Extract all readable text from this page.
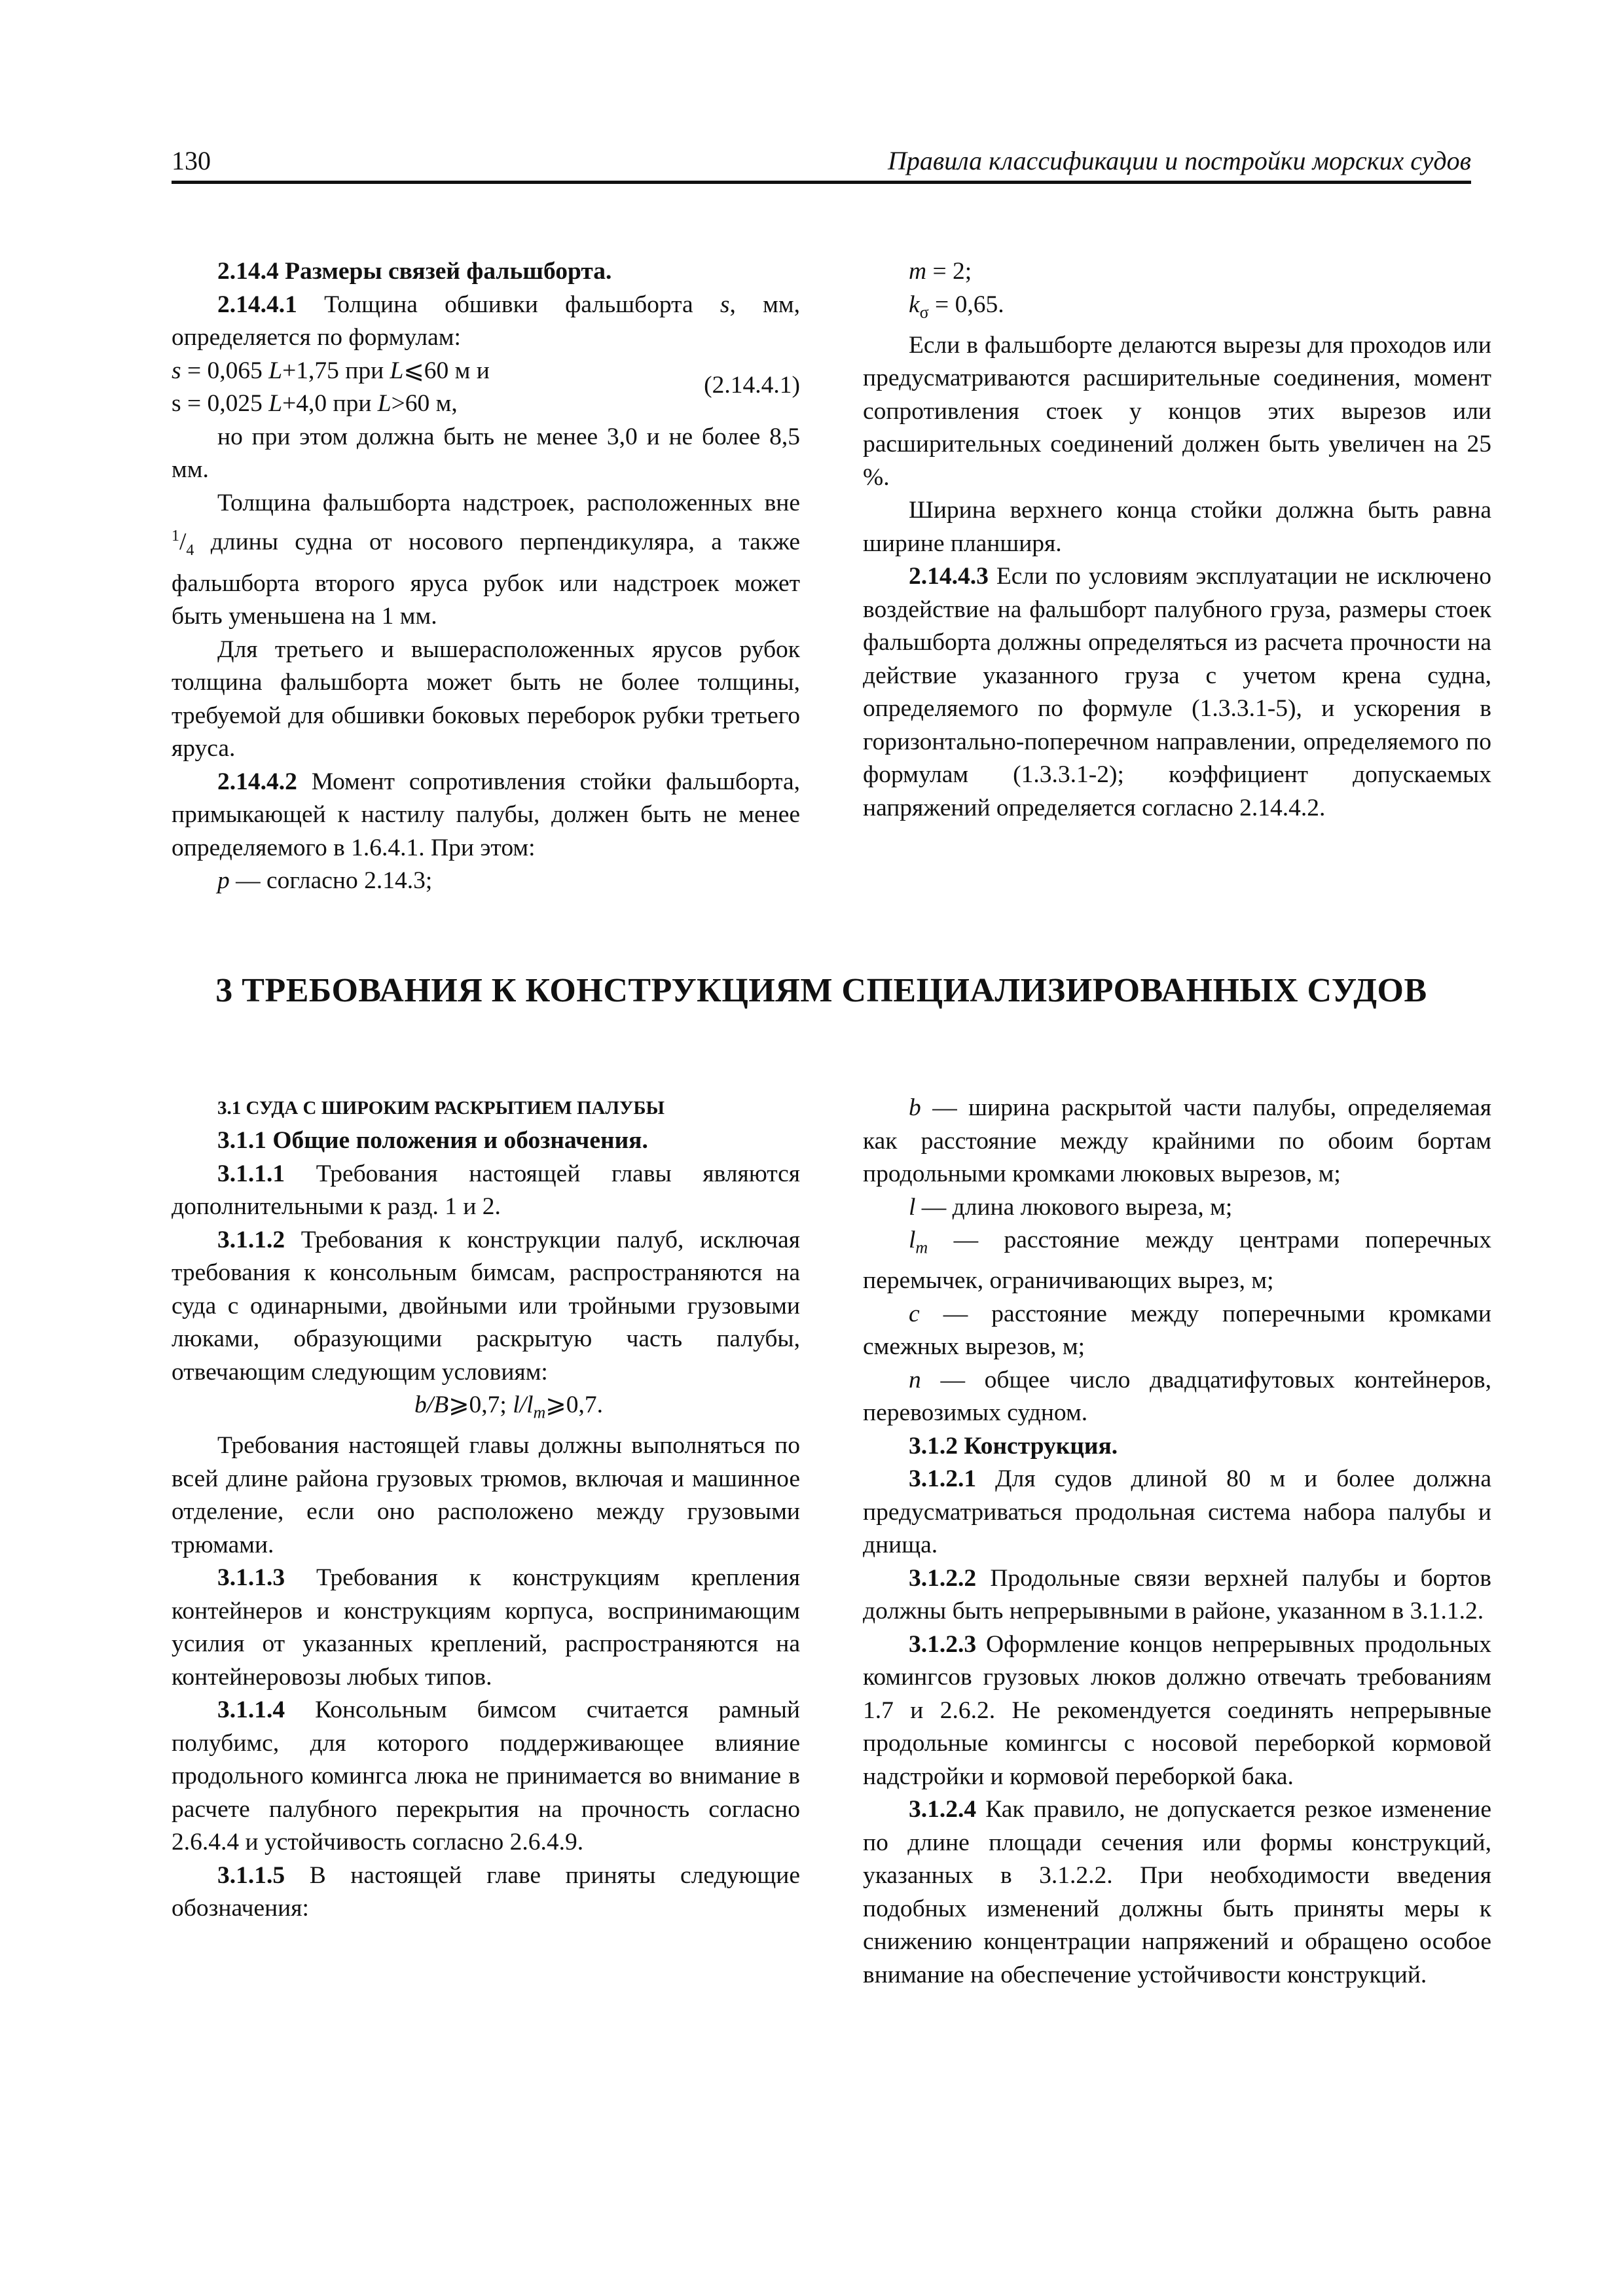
130	Правила классификации и постройки морских судов

2.14.4 Размеры связей фальшборта.

2.14.4.1 Толщина обшивки фальшборта s, мм, определяется по формулам:

s = 0,065 L+1,75 при L⩽60 м и

s = 0,025 L+4,0 при L>60 м,

(2.14.4.1)

но при этом должна быть не менее 3,0 и не более 8,5 мм.

Толщина фальшборта надстроек, расположенных вне $^1/_4$ длины судна от носового перпендикуляра, а также фальшборта второго яруса рубок или надстроек может быть уменьшена на 1 мм.

Для третьего и вышерасположенных ярусов рубок толщина фальшборта может быть не более толщины, требуемой для обшивки боковых переборок рубки третьего яруса.

2.14.4.2 Момент сопротивления стойки фальшборта, примыкающей к настилу палубы, должен быть не менее определяемого в 1.6.4.1. При этом:

p — согласно 2.14.3;

m = 2;

$k_\sigma = 0,65$.

Если в фальшборте делаются вырезы для проходов или предусматриваются расширительные соединения, момент сопротивления стоек у концов этих вырезов или расширительных соединений должен быть увеличен на 25 %.

Ширина верхнего конца стойки должна быть равна ширине планширя.

2.14.4.3 Если по условиям эксплуатации не исключено воздействие на фальшборт палубного груза, размеры стоек фальшборта должны определяться из расчета прочности на действие указанного груза с учетом крена судна, определяемого по формуле (1.3.3.1-5), и ускорения в горизонтально-поперечном направлении, определяемого по формулам (1.3.3.1-2); коэффициент допускаемых напряжений определяется согласно 2.14.4.2.

3 ТРЕБОВАНИЯ К КОНСТРУКЦИЯМ СПЕЦИАЛИЗИРОВАННЫХ СУДОВ

3.1 СУДА С ШИРОКИМ РАСКРЫТИЕМ ПАЛУБЫ

3.1.1 Общие положения и обозначения.

3.1.1.1 Требования настоящей главы являются дополнительными к разд. 1 и 2.

3.1.1.2 Требования к конструкции палуб, исключая требования к консольным бимсам, распространяются на суда с одинарными, двойными или тройными грузовыми люками, образующими раскрытую часть палубы, отвечающим следующим условиям:

b/B⩾0,7; $l/l_m⩾0,7$.

Требования настоящей главы должны выполняться по всей длине района грузовых трюмов, включая и машинное отделение, если оно расположено между грузовыми трюмами.

3.1.1.3 Требования к конструкциям крепления контейнеров и конструкциям корпуса, воспринимающим усилия от указанных креплений, распространяются на контейнеровозы любых типов.

3.1.1.4 Консольным бимсом считается рамный полубимс, для которого поддерживающее влияние продольного комингса люка не принимается во внимание в расчете палубного перекрытия на прочность согласно 2.6.4.4 и устойчивость согласно 2.6.4.9.

3.1.1.5 В настоящей главе приняты следующие обозначения:

b — ширина раскрытой части палубы, определяемая как расстояние между крайними по обоим бортам продольными кромками люковых вырезов, м;

l — длина люкового выреза, м;

$l_m$ — расстояние между центрами поперечных перемычек, ограничивающих вырез, м;

c — расстояние между поперечными кромками смежных вырезов, м;

n — общее число двадцатифутовых контейнеров, перевозимых судном.

3.1.2 Конструкция.

3.1.2.1 Для судов длиной 80 м и более должна предусматриваться продольная система набора палубы и днища.

3.1.2.2 Продольные связи верхней палубы и бортов должны быть непрерывными в районе, указанном в 3.1.1.2.

3.1.2.3 Оформление концов непрерывных продольных комингсов грузовых люков должно отвечать требованиям 1.7 и 2.6.2. Не рекомендуется соединять непрерывные продольные комингсы с носовой переборкой кормовой надстройки и кормовой переборкой бака.

3.1.2.4 Как правило, не допускается резкое изменение по длине площади сечения или формы конструкций, указанных в 3.1.2.2. При необходимости введения подобных изменений должны быть приняты меры к снижению концентрации напряжений и обращено особое внимание на обеспечение устойчивости конструкций.
